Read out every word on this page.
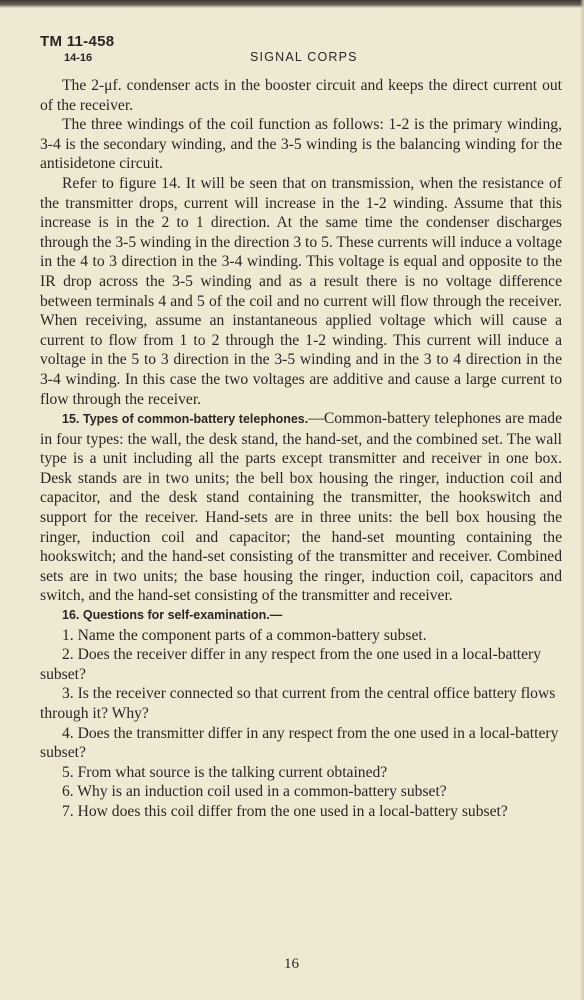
TM 11-458
14-16	SIGNAL CORPS

The 2-μf. condenser acts in the booster circuit and keeps the direct current out of the receiver.

The three windings of the coil function as follows: 1-2 is the primary winding, 3-4 is the secondary winding, and the 3-5 winding is the balancing winding for the antisidetone circuit.

Refer to figure 14. It will be seen that on transmission, when the resistance of the transmitter drops, current will increase in the 1-2 winding. Assume that this increase is in the 2 to 1 direction. At the same time the condenser discharges through the 3-5 winding in the direction 3 to 5. These currents will induce a voltage in the 4 to 3 direction in the 3-4 winding. This voltage is equal and opposite to the IR drop across the 3-5 winding and as a result there is no voltage difference between terminals 4 and 5 of the coil and no current will flow through the receiver. When receiving, assume an instantaneous applied voltage which will cause a current to flow from 1 to 2 through the 1-2 winding. This current will induce a voltage in the 5 to 3 direction in the 3-5 winding and in the 3 to 4 direction in the 3-4 winding. In this case the two voltages are additive and cause a large current to flow through the receiver.

15. Types of common-battery telephones.—Common-battery telephones are made in four types: the wall, the desk stand, the hand-set, and the combined set. The wall type is a unit including all the parts except transmitter and receiver in one box. Desk stands are in two units; the bell box housing the ringer, induction coil and capacitor, and the desk stand containing the transmitter, the hookswitch and support for the receiver. Hand-sets are in three units: the bell box housing the ringer, induction coil and capacitor; the hand-set mounting containing the hookswitch; and the hand-set consisting of the transmitter and receiver. Combined sets are in two units; the base housing the ringer, induction coil, capacitors and switch, and the hand-set consisting of the transmitter and receiver.

16. Questions for self-examination.—

1. Name the component parts of a common-battery subset.

2. Does the receiver differ in any respect from the one used in a local-battery subset?

3. Is the receiver connected so that current from the central office battery flows through it? Why?

4. Does the transmitter differ in any respect from the one used in a local-battery subset?

5. From what source is the talking current obtained?

6. Why is an induction coil used in a common-battery subset?

7. How does this coil differ from the one used in a local-battery subset?

16
